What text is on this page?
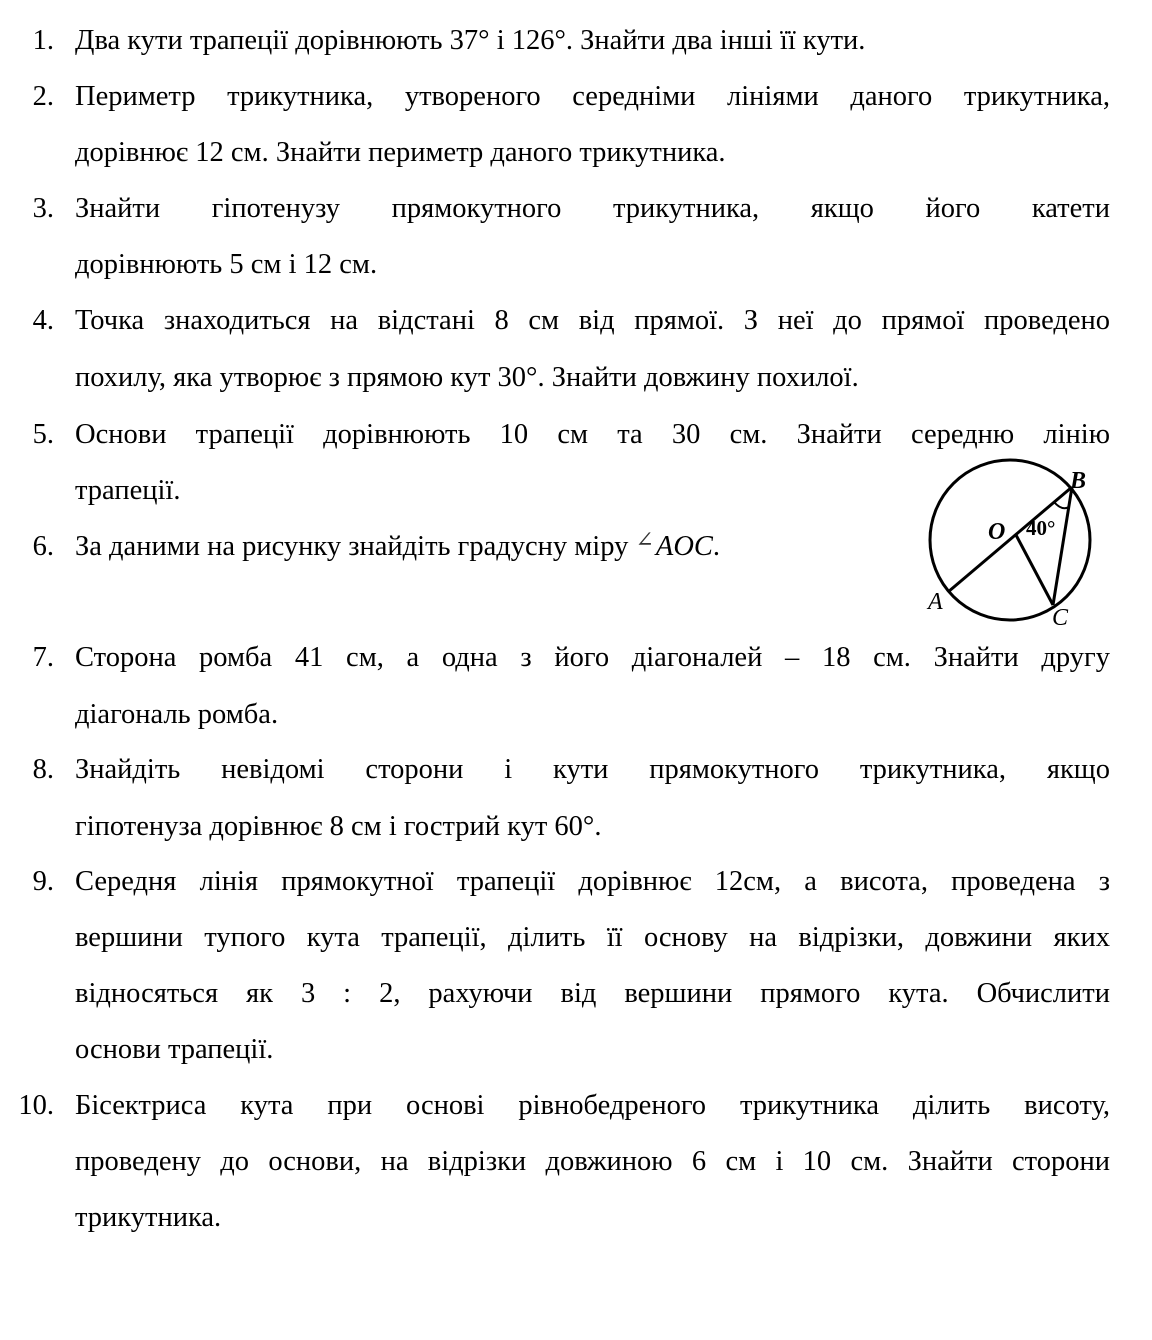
1. Два кути трапеції дорівнюють 37° і 126°. Знайти два інші її кути.
2. Периметр трикутника, утвореного середніми лініями даного трикутника,
дорівнює 12 см. Знайти периметр даного трикутника.
3. Знайти гіпотенузу прямокутного трикутника, якщо його катети
дорівнюють 5 см і 12 см.
4. Точка знаходиться на відстані 8 см від прямої. З неї до прямої проведено
похилу, яка утворює з прямою кут 30°. Знайти довжину похилої.
5. Основи трапеції дорівнюють 10 см та 30 см. Знайти середню лінію
трапеції.
6. За даними на рисунку знайдіть градусну міру ∠AOC.
A
B
C
O 40°
7. Сторона ромба 41 см, а одна з його діагоналей – 18 см. Знайти другу
діагональ ромба.
8. Знайдіть невідомі сторони і кути прямокутного трикутника, якщо
гіпотенуза дорівнює 8 см і гострий кут 60°.
9. Середня лінія прямокутної трапеції дорівнює 12см, а висота, проведена з
вершини тупого кута трапеції, ділить її основу на відрізки, довжини яких
відносяться як 3 : 2, рахуючи від вершини прямого кута. Обчислити
основи трапеції.
10. Бісектриса кута при основі рівнобедреного трикутника ділить висоту,
проведену до основи, на відрізки довжиною 6 см і 10 см. Знайти сторони
трикутника.
